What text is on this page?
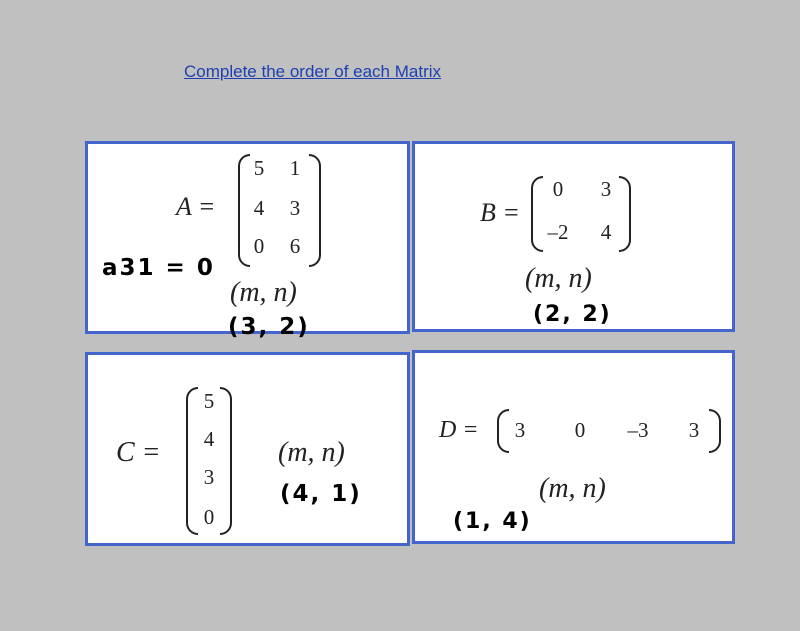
Complete the order of each Matrix
A =
5	1
4	3
0	6
(m, n)
(3, 2)
a31 = 0
B =
0	3
–2	4
(m, n)
(2, 2)
C =
5
4
3
0
(m, n)
(4, 1)
D =	3	0	–3	3
(m, n)
(1, 4)
